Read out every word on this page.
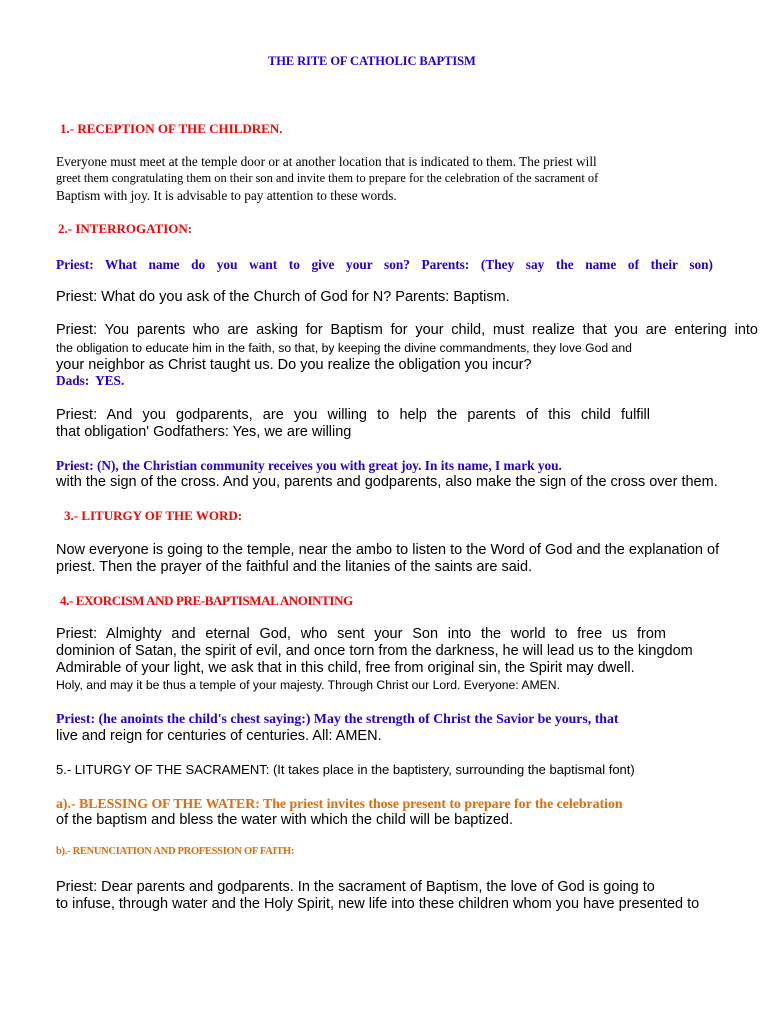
THE RITE OF CATHOLIC BAPTISM

1.- RECEPTION OF THE CHILDREN.

Everyone must meet at the temple door or at another location that is indicated to them. The priest will

greet them congratulating them on their son and invite them to prepare for the celebration of the sacrament of

Baptism with joy. It is advisable to pay attention to these words.

2.- INTERROGATION:

Priest: What name do you want to give your son? Parents: (They say the name of their son)

Priest: What do you ask of the Church of God for N? Parents: Baptism.

Priest: You parents who are asking for Baptism for your child, must realize that you are entering into

the obligation to educate him in the faith, so that, by keeping the divine commandments, they love God and

your neighbor as Christ taught us. Do you realize the obligation you incur?

Dads: YES.

Priest: And you godparents, are you willing to help the parents of this child fulfill

that obligation' Godfathers: Yes, we are willing

Priest: (N), the Christian community receives you with great joy. In its name, I mark you.

with the sign of the cross. And you, parents and godparents, also make the sign of the cross over them.

3.- LITURGY OF THE WORD:

Now everyone is going to the temple, near the ambo to listen to the Word of God and the explanation of

priest. Then the prayer of the faithful and the litanies of the saints are said.

4.- EXORCISM AND PRE-BAPTISMAL ANOINTING

Priest: Almighty and eternal God, who sent your Son into the world to free us from

dominion of Satan, the spirit of evil, and once torn from the darkness, he will lead us to the kingdom

Admirable of your light, we ask that in this child, free from original sin, the Spirit may dwell.

Holy, and may it be thus a temple of your majesty. Through Christ our Lord. Everyone: AMEN.

Priest: (he anoints the child's chest saying:) May the strength of Christ the Savior be yours, that

live and reign for centuries of centuries. All: AMEN.

5.- LITURGY OF THE SACRAMENT: (It takes place in the baptistery, surrounding the baptismal font)

a).- BLESSING OF THE WATER: The priest invites those present to prepare for the celebration

of the baptism and bless the water with which the child will be baptized.

b).- RENUNCIATION AND PROFESSION OF FAITH:

Priest: Dear parents and godparents. In the sacrament of Baptism, the love of God is going to

to infuse, through water and the Holy Spirit, new life into these children whom you have presented to
